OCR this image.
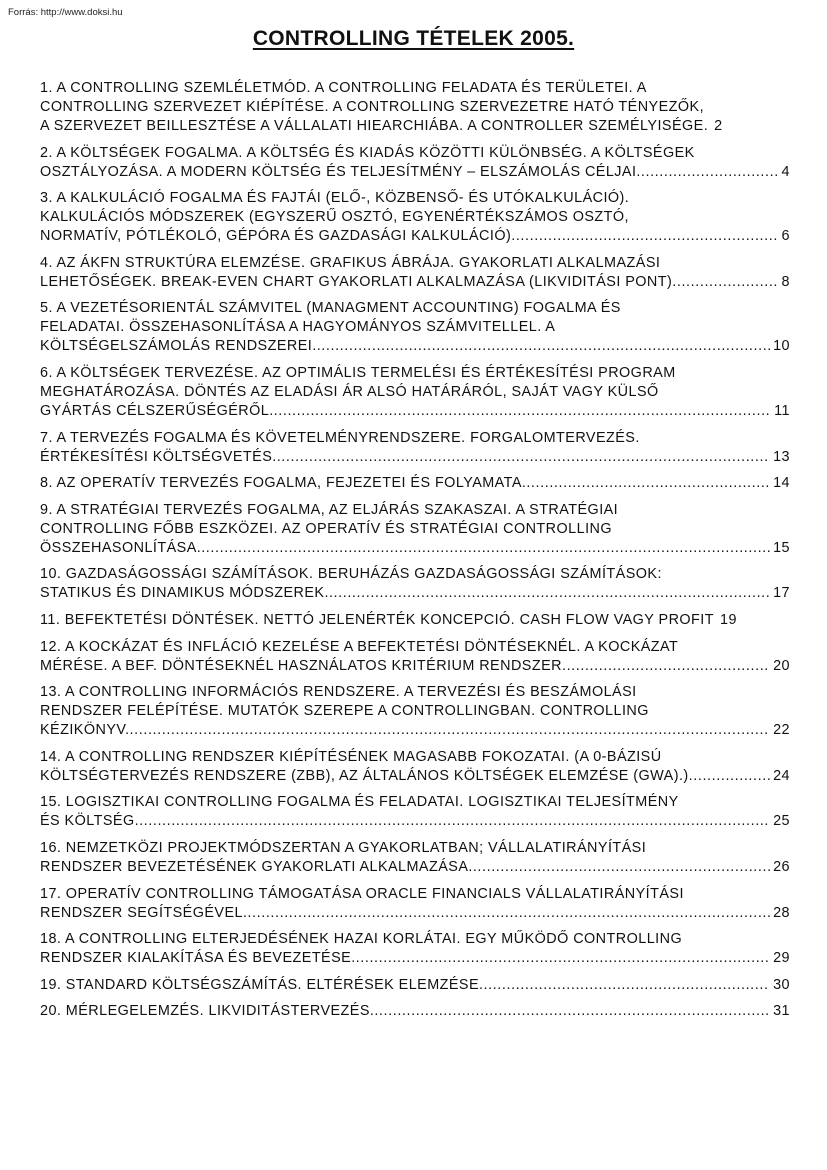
Forrás: http://www.doksi.hu
CONTROLLING TÉTELEK 2005.
1. A CONTROLLING SZEMLÉLETMÓD. A CONTROLLING FELADATA ÉS TERÜLETEI. A
CONTROLLING SZERVEZET KIÉPÍTÉSE. A CONTROLLING SZERVEZETRE HATÓ TÉNYEZŐK,
A SZERVEZET BEILLESZTÉSE A VÁLLALATI HIEARCHIÁBA. A CONTROLLER SZEMÉLYISÉGE. 2
2. A KÖLTSÉGEK FOGALMA. A KÖLTSÉG ÉS KIADÁS KÖZÖTTI KÜLÖNBSÉG. A KÖLTSÉGEK
OSZTÁLYOZÁSA. A MODERN KÖLTSÉG ÉS TELJESÍTMÉNY – ELSZÁMOLÁS CÉLJAI. .....	4
3. A KALKULÁCIÓ FOGALMA ÉS FAJTÁI (ELŐ-, KÖZBENSŐ- ÉS UTÓKALKULÁCIÓ).
KALKULÁCIÓS MÓDSZEREK (EGYSZERŰ OSZTÓ, EGYENÉRTÉKSZÁMOS OSZTÓ,
NORMATÍV, PÓTLÉKOLÓ, GÉPÓRA ÉS GAZDASÁGI KALKULÁCIÓ) .....	6
4. AZ ÁKFN STRUKTÚRA ELEMZÉSE. GRAFIKUS ÁBRÁJA. GYAKORLATI ALKALMAZÁSI
LEHETŐSÉGEK. BREAK-EVEN CHART GYAKORLATI ALKALMAZÁSA (LIKVIDITÁSI PONT) .....	8
5. A VEZETÉSORIENTÁL SZÁMVITEL (MANAGMENT ACCOUNTING) FOGALMA ÉS
FELADATAI. ÖSSZEHASONLÍTÁSA A HAGYOMÁNYOS SZÁMVITELLEL. A
KÖLTSÉGELSZÁMOLÁS RENDSZEREI. .....	10
6. A KÖLTSÉGEK TERVEZÉSE. AZ OPTIMÁLIS TERMELÉSI ÉS ÉRTÉKESÍTÉSI PROGRAM
MEGHATÁROZÁSA. DÖNTÉS AZ ELADÁSI ÁR ALSÓ HATÁRÁRÓL, SAJÁT VAGY KÜLSŐ
GYÁRTÁS CÉLSZERŰSÉGÉRŐL. .....	11
7. A TERVEZÉS FOGALMA ÉS KÖVETELMÉNYRENDSZERE. FORGALOMTERVEZÉS.
ÉRTÉKESÍTÉSI KÖLTSÉGVETÉS. .....	13
8. AZ OPERATÍV TERVEZÉS FOGALMA, FEJEZETEI ÉS FOLYAMATA. .....	14
9. A STRATÉGIAI TERVEZÉS FOGALMA, AZ ELJÁRÁS SZAKASZAI. A STRATÉGIAI
CONTROLLING FŐBB ESZKÖZEI. AZ OPERATÍV ÉS STRATÉGIAI CONTROLLING
ÖSSZEHASONLÍTÁSA. .....	15
10. GAZDASÁGOSSÁGI SZÁMÍTÁSOK. BERUHÁZÁS GAZDASÁGOSSÁGI SZÁMÍTÁSOK:
STATIKUS ÉS DINAMIKUS MÓDSZEREK. .....	17
11. BEFEKTETÉSI DÖNTÉSEK. NETTÓ JELENÉRTÉK KONCEPCIÓ. CASH FLOW VAGY PROFIT 19
12. A KOCKÁZAT ÉS INFLÁCIÓ KEZELÉSE A BEFEKTETÉSI DÖNTÉSEKNÉL. A KOCKÁZAT
MÉRÉSE. A BEF. DÖNTÉSEKNÉL HASZNÁLATOS KRITÉRIUM RENDSZER .....	20
13. A CONTROLLING INFORMÁCIÓS RENDSZERE. A TERVEZÉSI ÉS BESZÁMOLÁSI
RENDSZER FELÉPÍTÉSE. MUTATÓK SZEREPE A CONTROLLINGBAN. CONTROLLING
KÉZIKÖNYV. .....	22
14. A CONTROLLING RENDSZER KIÉPÍTÉSÉNEK MAGASABB FOKOZATAI. (A 0-BÁZISÚ
KÖLTSÉGTERVEZÉS RENDSZERE (ZBB), AZ ÁLTALÁNOS KÖLTSÉGEK ELEMZÉSE (GWA).) .....	24
15. LOGISZTIKAI CONTROLLING FOGALMA ÉS FELADATAI. LOGISZTIKAI TELJESÍTMÉNY
ÉS KÖLTSÉG. .....	25
16. NEMZETKÖZI PROJEKTMÓDSZERTAN A GYAKORLATBAN; VÁLLALATIRÁNYÍTÁSI
RENDSZER BEVEZETÉSÉNEK GYAKORLATI ALKALMAZÁSA. .....	26
17. OPERATÍV CONTROLLING TÁMOGATÁSA ORACLE FINANCIALS VÁLLALATIRÁNYÍTÁSI
RENDSZER SEGÍTSÉGÉVEL. .....	28
18. A CONTROLLING ELTERJEDÉSÉNEK HAZAI KORLÁTAI. EGY MŰKÖDŐ CONTROLLING
RENDSZER KIALAKÍTÁSA ÉS BEVEZETÉSE. .....	29
19. STANDARD KÖLTSÉGSZÁMÍTÁS. ELTÉRÉSEK ELEMZÉSE. .....	30
20. MÉRLEGELEMZÉS. LIKVIDITÁSTERVEZÉS. .....	31
